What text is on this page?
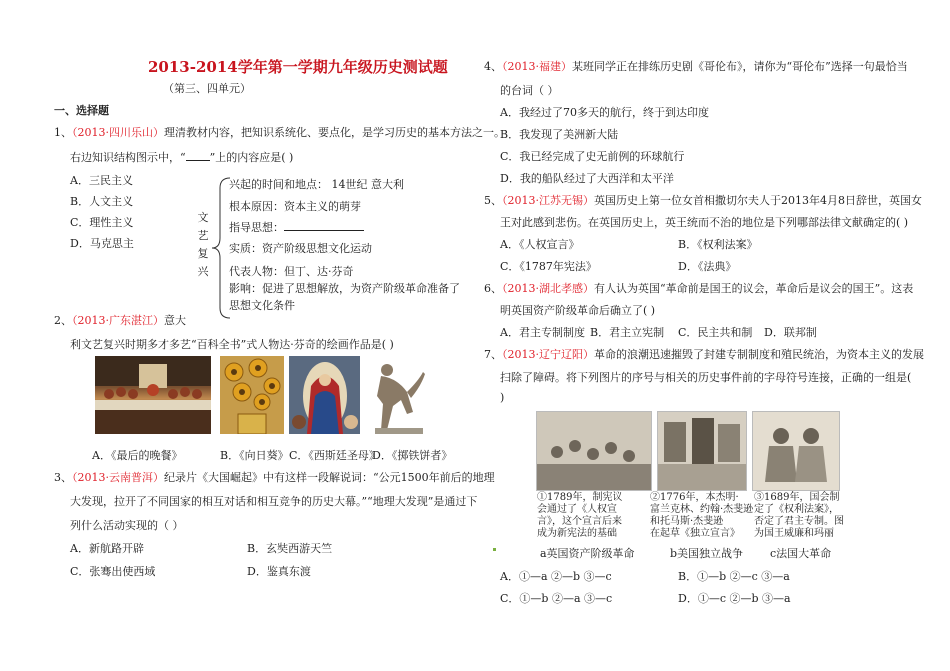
2013-2014学年第一学期九年级历史测试题
（第三、四单元）
一、选择题
1、（2013·四川乐山）理清教材内容，把知识系统化、要点化，是学习历史的基本方法之一。
右边知识结构图示中，“ ”上的内容应是( )
A．三民主义
B．人文主义
C．理性主义
D．马克思主
文
艺
复
兴
兴起的时间和地点： 14世纪 意大利
根本原因：资本主义的萌芽
指导思想：
实质：资产阶级思想文化运动
代表人物：但丁、达·芬奇
影响：促进了思想解放，为资产阶级革命准备了
思想文化条件
2、（2013·广东湛江）意大
利文艺复兴时期多才多艺“百科全书”式人物达·芬奇的绘画作品是( )
A．《最后的晚餐》	B．《向日葵》 C．《西斯廷圣母》
D．《掷铁饼者》
3、（2013·云南普洱）纪录片《大国崛起》中有这样一段解说词：“公元1500年前后的地理
大发现，拉开了不同国家的相互对话和相互竞争的历史大幕。”“地理大发现”是通过下
列什么活动实现的（ ）
A．新航路开辟	B．玄奘西游天竺
C．张骞出使西域	D．鉴真东渡
4、（2013·福建）某班同学正在排练历史剧《哥伦布》，请你为“哥伦布”选择一句最恰当
的台词（ ）
A．我经过了70多天的航行，终于到达印度
B．我发现了美洲新大陆
C．我已经完成了史无前例的环球航行
D．我的船队经过了大西洋和太平洋
5、（2013·江苏无锡）英国历史上第一位女首相撒切尔夫人于2013年4月8日辞世，英国女
王对此感到悲伤。在英国历史上，英王统而不治的地位是下列哪部法律文献确定的( )
A．《人权宣言》	B．《权利法案》
C．《1787年宪法》	D．《法典》
6、（2013·湖北孝感）有人认为英国“革命前是国王的议会，革命后是议会的国王”。这表
明英国资产阶级革命后确立了( )
A．君主专制制度 B．君主立宪制 C．民主共和制 D．联邦制
7、（2013·辽宁辽阳）革命的浪潮迅速摧毁了封建专制制度和殖民统治，为资本主义的发展
扫除了障碍。将下列图片的序号与相关的历史事件前的字母符号连接，正确的一组是(
)
①1789年，制宪议
会通过了《人权宣
言》，这个宣言后来
成为新宪法的基础
②1776年，本杰明·
富兰克林、约翰·杰斐逊
和托马斯·杰斐逊
在起草《独立宣言》
③1689年，国会制
定了《权利法案》，
否定了君主专制。图
为国王威廉和玛丽
a英国资产阶级革命	b美国独立战争 c法国大革命
A．①—a ②—b ③—c	B．①—b ②—c ③—a
C．①—b ②—a ③—c	D．①—c ②—b ③—a
